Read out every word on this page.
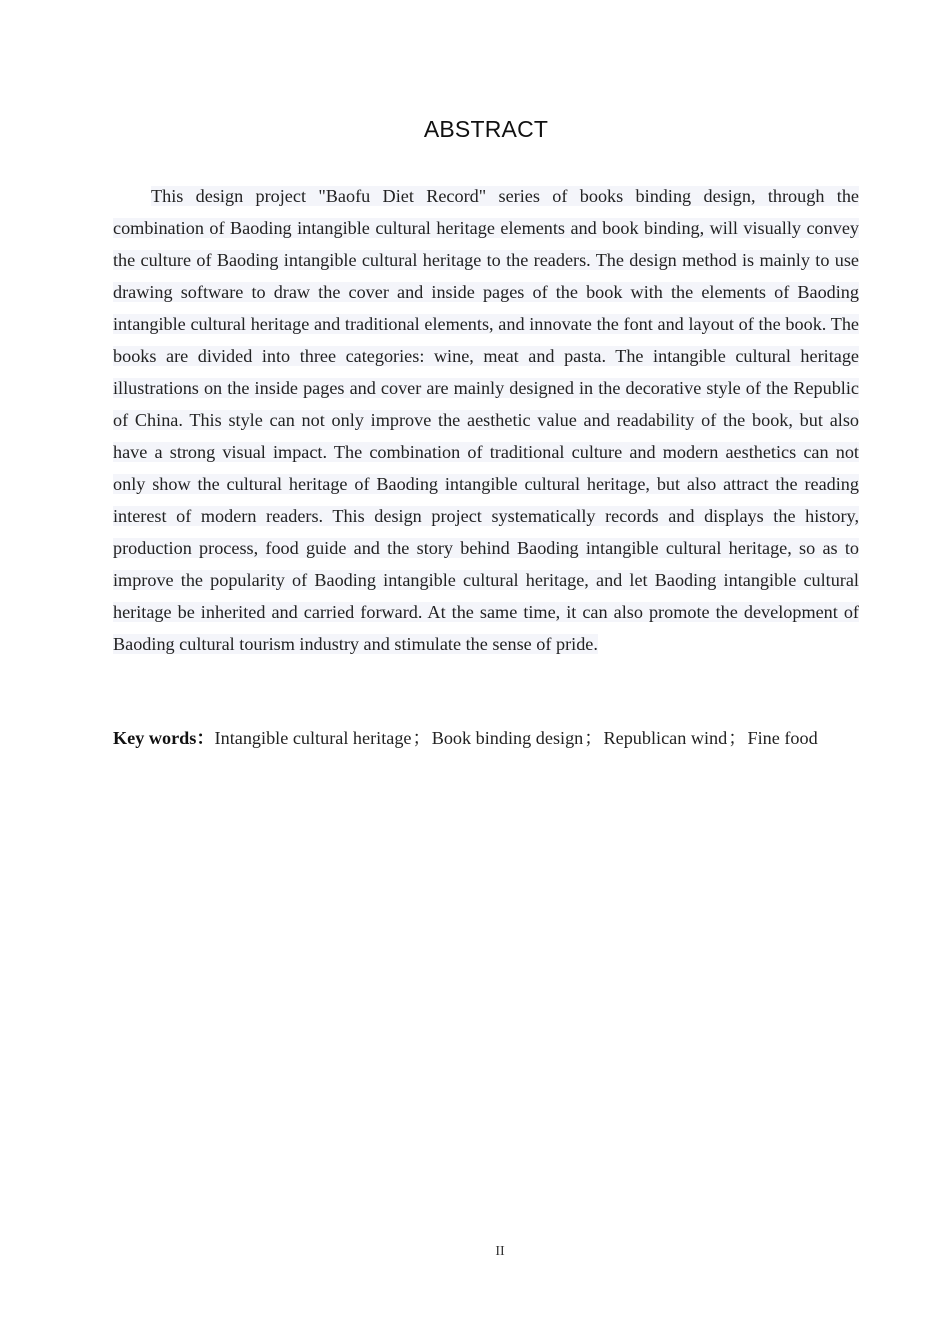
ABSTRACT

This design project "Baofu Diet Record" series of books binding design, through the combination of Baoding intangible cultural heritage elements and book binding, will visually convey the culture of Baoding intangible cultural heritage to the readers. The design method is mainly to use drawing software to draw the cover and inside pages of the book with the elements of Baoding intangible cultural heritage and traditional elements, and innovate the font and layout of the book. The books are divided into three categories: wine, meat and pasta. The intangible cultural heritage illustrations on the inside pages and cover are mainly designed in the decorative style of the Republic of China. This style can not only improve the aesthetic value and readability of the book, but also have a strong visual impact. The combination of traditional culture and modern aesthetics can not only show the cultural heritage of Baoding intangible cultural heritage, but also attract the reading interest of modern readers. This design project systematically records and displays the history, production process, food guide and the story behind Baoding intangible cultural heritage, so as to improve the popularity of Baoding intangible cultural heritage, and let Baoding intangible cultural heritage be inherited and carried forward. At the same time, it can also promote the development of Baoding cultural tourism industry and stimulate the sense of pride.

Key words：Intangible cultural heritage；Book binding design；Republican wind；Fine food

II
